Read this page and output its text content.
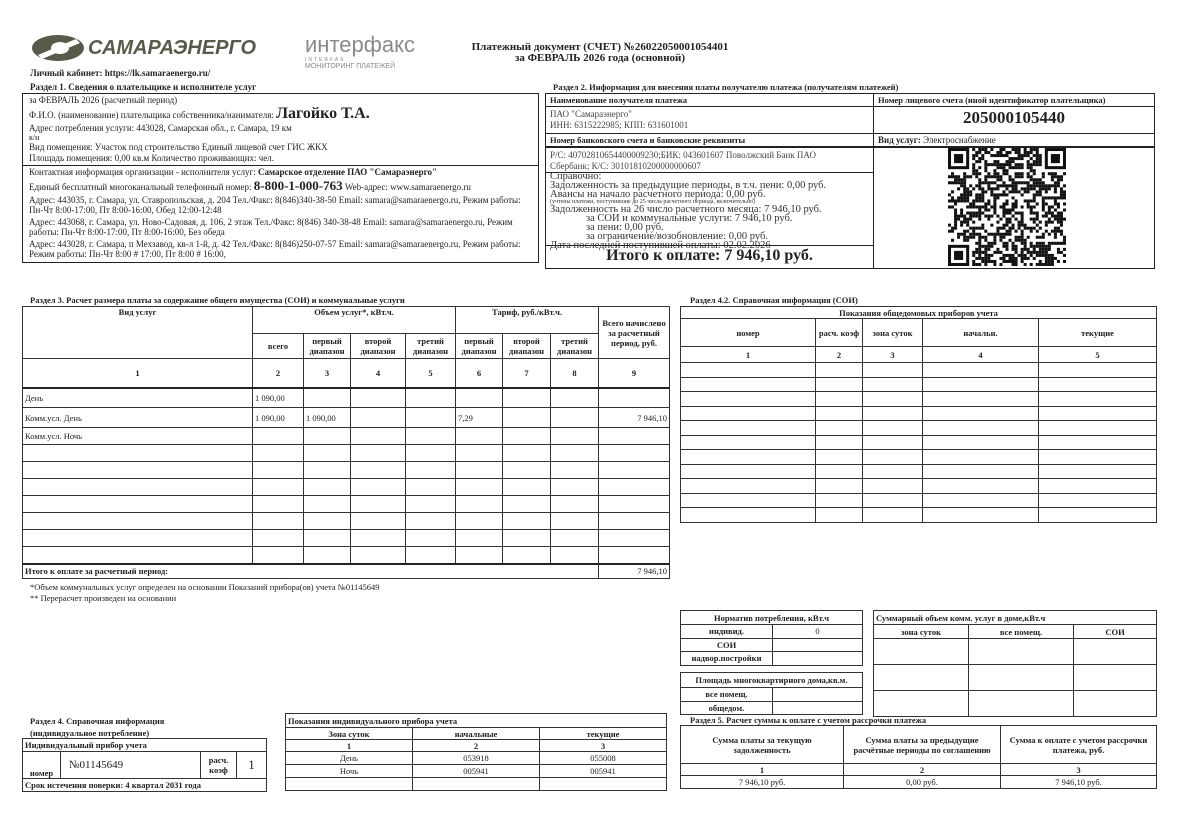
САМАРАЭНЕРГО интерфакс
INTERFAX
МОНИТОРИНГ ПЛАТЕЖЕЙ
Платежный документ (СЧЕТ) №26022050001054401
за ФЕВРАЛЬ 2026 года (основной)
Личный кабинет: https://lk.samaraenergo.ru/
Раздел 1. Сведения о плательщике и исполнителе услуг
за ФЕВРАЛЬ 2026 (расчетный период)
Ф.И.О. (наименование) плательщика собственника/нанимателя: Лагойко Т.А.
Адрес потребления услуги: 443028, Самарская обл., г. Самара, 19 км
к/н
Вид помещения: Участок под строительство Единый лицевой счет ГИС ЖКХ
Площадь помещения: 0,00 кв.м Количество проживающих: чел.
Контактная информация организации - исполнителя услуг: Самарское отделение ПАО "Самараэнерго"
Единый бесплатный многоканальный телефонный номер: 8-800-1-000-763 Web-адрес: www.samaraenergo.ru
Адрес: 443035, г. Самара, ул. Ставропольская, д. 204 Тел./Факс: 8(846)340-38-50 Email: samara@samaraenergo.ru, Режим работы: Пн-Чт 8:00-17:00, Пт 8:00-16:00, Обед 12:00-12:48
Адрес: 443068, г. Самара, ул. Ново-Садовая, д. 106, 2 этаж Тел./Факс: 8(846) 340-38-48 Email: samara@samaraenergo.ru, Режим работы: Пн-Чт 8:00-17:00, Пт 8:00-16:00, Без обеда
Адрес: 443028, г. Самара, п Мехзавод, кв-л 1-й, д. 42 Тел./Факс: 8(846)250-07-57 Email: samara@samaraenergo.ru, Режим работы: Режим работы: Пн-Чт 8:00 # 17:00, Пт 8:00 # 16:00,
Раздел 2. Информация для внесения платы получателю платежа (получателям платежей)
Наименование получателя платежа	Номер лицевого счета (иной идентификатор плательщика)
ПАО "Самараэнерго"
ИНН: 6315222985; КПП: 631601001	205000105440
Номер банковского счета и банковские реквизиты	Вид услуг: Электроснабжение
Р/С: 40702810654400009230;БИК: 043601607 Поволжский Банк ПАО
Сбербанк; К/С: 30101810200000000607
Справочно:
Задолженность за предыдущие периоды, в т.ч. пени: 0,00 руб.
Авансы на начало расчетного периода: 0,00 руб.
(учтены платежи, поступившие до 25 числа расчетного периода, включительно)
Задолженность на 26 число расчетного месяца: 7 946,10 руб.
за СОИ и коммунальные услуги: 7 946,10 руб.
за пени: 0,00 руб.
за ограничение/возобновление: 0,00 руб.
Дата последней поступившей оплаты: 02.02.2026
Итого к оплате: 7 946,10 руб.
Раздел 3. Расчет размера платы за содержание общего имущества (СОИ) и коммунальные услуги
Вид услуг	Объем услуг*, кВт.ч.				Тариф, руб./кВт.ч.			Всего начислено за расчетный период, руб.
	всего	первый диапазон	второй диапазон	третий диапазон	первый диапазон	второй диапазон	третий диапазон	
1	2	3	4	5	6	7	8	9
День	1 090,00							
Комм.усл. День	1 090,00	1 090,00			7,29			7 946,10
Комм.усл. Ночь								

Итого к оплате за расчетный период:								7 946,10
Раздел 4.2. Справочная информация (СОИ)
Показания общедомовых приборов учета				
номер	расч. коэф	зона суток	начальн.	текущие
1	2	3	4	5

Норматив потребления, кВт.ч	
индивид.	0
СОИ	
надвор.постройки	
Площадь многоквартирного дома,кв.м.	
все помещ.	
общедом.	
Суммарный объем комм. услуг в доме,кВт.ч		
зона суток	все помещ.	СОИ

Раздел 5. Расчет суммы к оплате с учетом рассрочки платежа
Сумма платы за текущую задолженность	Сумма платы за предыдущие расчётные периоды по соглашению	Сумма к оплате с учетом рассрочки платежа, руб.
1	2	3
7 946,10 руб.	0,00 руб.	7 946,10 руб.
Раздел 4. Справочная информация
(индивидуальное потребление)
Индивидуальный прибор учета
номер	№01145649	расч. коэф	1
Срок истечения поверки: 4 квартал 2031 года
Показания индивидуального прибора учета		
Зона суток	начальные	текущие
1	2	3
День	053918	055008
Ночь	005941	005941

*Объем коммунальных услуг определен на основании Показаний прибора(ов) учета №01145649
** Перерасчет произведен на основании
